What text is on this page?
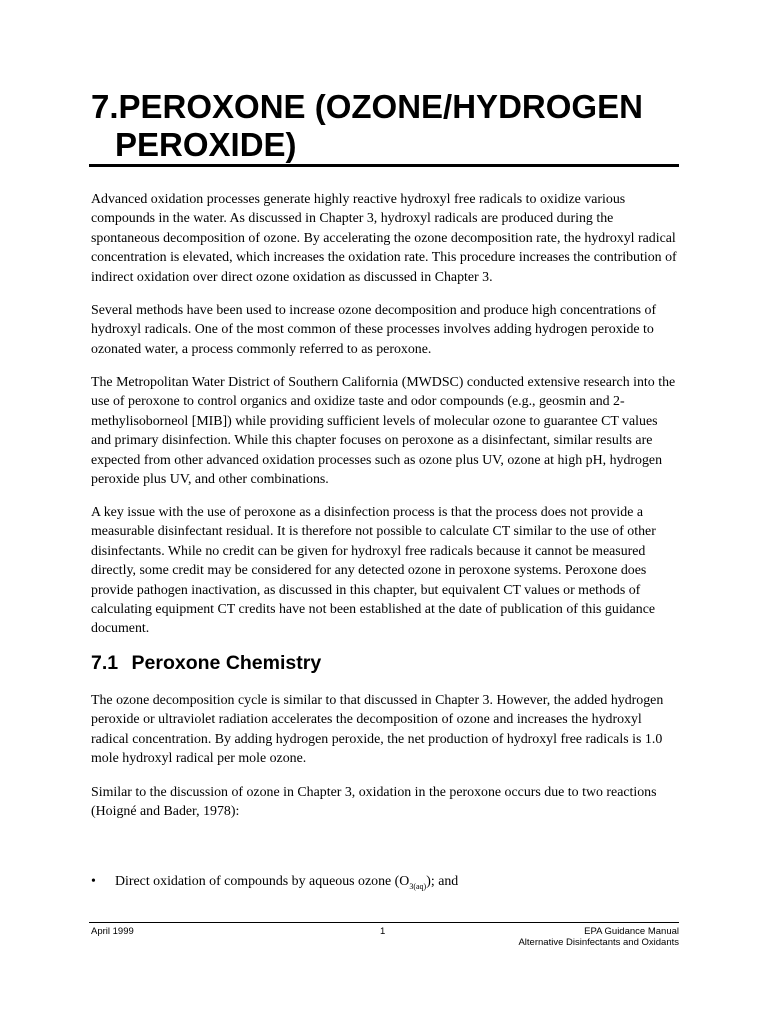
7.PEROXONE (OZONE/HYDROGEN
PEROXIDE)

Advanced oxidation processes generate highly reactive hydroxyl free radicals to oxidize various compounds in the water. As discussed in Chapter 3, hydroxyl radicals are produced during the spontaneous decomposition of ozone. By accelerating the ozone decomposition rate, the hydroxyl radical concentration is elevated, which increases the oxidation rate. This procedure increases the contribution of indirect oxidation over direct ozone oxidation as discussed in Chapter 3.

Several methods have been used to increase ozone decomposition and produce high concentrations of hydroxyl radicals. One of the most common of these processes involves adding hydrogen peroxide to ozonated water, a process commonly referred to as peroxone.

The Metropolitan Water District of Southern California (MWDSC) conducted extensive research into the use of peroxone to control organics and oxidize taste and odor compounds (e.g., geosmin and 2-methylisoborneol [MIB]) while providing sufficient levels of molecular ozone to guarantee CT values and primary disinfection. While this chapter focuses on peroxone as a disinfectant, similar results are expected from other advanced oxidation processes such as ozone plus UV, ozone at high pH, hydrogen peroxide plus UV, and other combinations.

A key issue with the use of peroxone as a disinfection process is that the process does not provide a measurable disinfectant residual. It is therefore not possible to calculate CT similar to the use of other disinfectants. While no credit can be given for hydroxyl free radicals because it cannot be measured directly, some credit may be considered for any detected ozone in peroxone systems. Peroxone does provide pathogen inactivation, as discussed in this chapter, but equivalent CT values or methods of calculating equipment CT credits have not been established at the date of publication of this guidance document.

7.1 Peroxone Chemistry

The ozone decomposition cycle is similar to that discussed in Chapter 3. However, the added hydrogen peroxide or ultraviolet radiation accelerates the decomposition of ozone and increases the hydroxyl radical concentration. By adding hydrogen peroxide, the net production of hydroxyl free radicals is 1.0 mole hydroxyl radical per mole ozone.

Similar to the discussion of ozone in Chapter 3, oxidation in the peroxone occurs due to two reactions (Hoigné and Bader, 1978):

• Direct oxidation of compounds by aqueous ozone $(O_{3(aq)})$; and
April 1999	1	EPA Guidance Manual
Alternative Disinfectants and Oxidants
